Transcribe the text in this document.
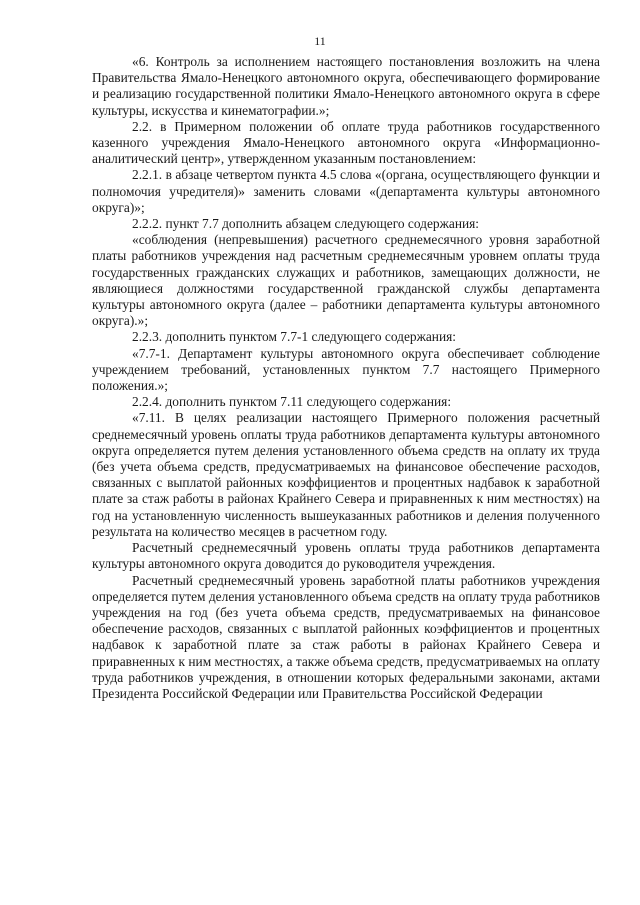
11

«6. Контроль за исполнением настоящего постановления возложить на члена Правительства Ямало-Ненецкого автономного округа, обеспечивающего формирование и реализацию государственной политики Ямало-Ненецкого автономного округа в сфере культуры, искусства и кинематографии.»;

2.2. в Примерном положении об оплате труда работников государственного казенного учреждения Ямало-Ненецкого автономного округа «Информационно-аналитический центр», утвержденном указанным постановлением:

2.2.1. в абзаце четвертом пункта 4.5 слова «(органа, осуществляющего функции и полномочия учредителя)» заменить словами «(департамента культуры автономного округа)»;

2.2.2. пункт 7.7 дополнить абзацем следующего содержания:

«соблюдения (непревышения) расчетного среднемесячного уровня заработной платы работников учреждения над расчетным среднемесячным уровнем оплаты труда государственных гражданских служащих и работников, замещающих должности, не являющиеся должностями государственной гражданской службы департамента культуры автономного округа (далее – работники департамента культуры автономного округа).»;

2.2.3. дополнить пунктом 7.7-1 следующего содержания:

«7.7-1. Департамент культуры автономного округа обеспечивает соблюдение учреждением требований, установленных пунктом 7.7 настоящего Примерного положения.»;

2.2.4. дополнить пунктом 7.11 следующего содержания:

«7.11. В целях реализации настоящего Примерного положения расчетный среднемесячный уровень оплаты труда работников департамента культуры автономного округа определяется путем деления установленного объема средств на оплату их труда (без учета объема средств, предусматриваемых на финансовое обеспечение расходов, связанных с выплатой районных коэффициентов и процентных надбавок к заработной плате за стаж работы в районах Крайнего Севера и приравненных к ним местностях) на год на установленную численность вышеуказанных работников и деления полученного результата на количество месяцев в расчетном году.

Расчетный среднемесячный уровень оплаты труда работников департамента культуры автономного округа доводится до руководителя учреждения.

Расчетный среднемесячный уровень заработной платы работников учреждения определяется путем деления установленного объема средств на оплату труда работников учреждения на год (без учета объема средств, предусматриваемых на финансовое обеспечение расходов, связанных с выплатой районных коэффициентов и процентных надбавок к заработной плате за стаж работы в районах Крайнего Севера и приравненных к ним местностях, а также объема средств, предусматриваемых на оплату труда работников учреждения, в отношении которых федеральными законами, актами Президента Российской Федерации или Правительства Российской Федерации
